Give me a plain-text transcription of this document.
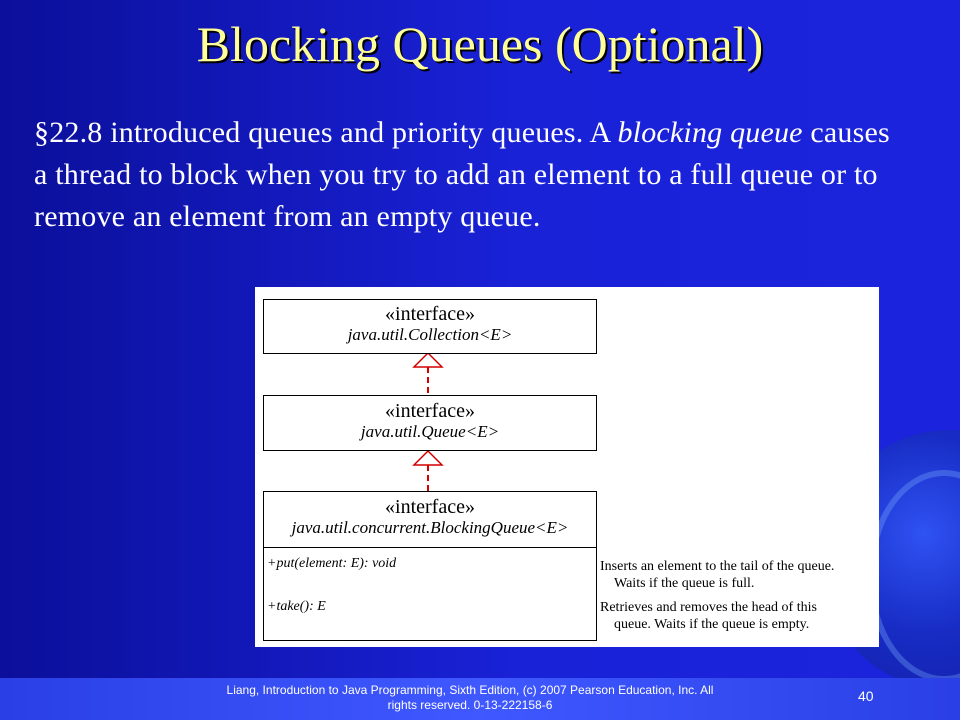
Blocking Queues (Optional)
§22.8 introduced queues and priority queues. A blocking queue causes a thread to block when you try to add an element to a full queue or to remove an element from an empty queue.
«interface»
java.util.Collection<E>
«interface»
java.util.Queue<E>
«interface»
java.util.concurrent.BlockingQueue<E>
+put(element: E): void
+take(): E
Inserts an element to the tail of the queue.
Waits if the queue is full.
Retrieves and removes the head of this
queue. Waits if the queue is empty.
Liang, Introduction to Java Programming, Sixth Edition, (c) 2007 Pearson Education, Inc. All
rights reserved. 0-13-222158-6
40
